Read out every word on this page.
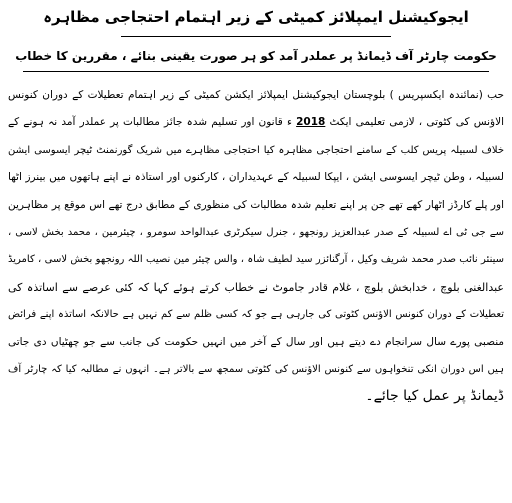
ایجوکیشنل ایمپلائز کمیٹی کے زیر اہتمام احتجاجی مظاہرہ
حکومت چارٹر آف ڈیمانڈ پر عملدر آمد کو ہر صورت یقینی بنائے ، مقررین کا خطاب
حب (نمائندہ ایکسپریس ) بلوچستان ایجوکیشنل ایمپلائز ایکشن کمیٹی کے زیر اہتمام تعطیلات کے دوران کنونس
الاؤنس کی کٹوتی ، لازمی تعلیمی ایکٹ 2018 ء قانون اور تسلیم شدہ جائز مطالبات پر عملدر آمد نہ ہونے کے
خلاف لسبیلہ پریس کلب کے سامنے احتجاجی مظاہرہ کیا احتجاجی مظاہرے میں شریک گورنمنٹ ٹیچر ایسوسی ایشن
لسبیلہ ، وطن ٹیچر ایسوسی ایشن ، ایپکا لسبیلہ کے عہدیداران ، کارکنوں اور استاذہ نے اپنے ہاتھوں میں بینرز اٹھا
اور پلے کارڈز اٹھار کھے تھے جن پر اپنے تعلیم شدہ مطالبات کی منظوری کے مطابق درج تھے اس موقع پر مظاہرین
سے جی ٹی اے لسبیلہ کے صدر عبدالعزیز رونجھو ، جنرل سیکرٹری عبدالواحد سومرو ، چیئرمین ، محمد بخش لاسی ،
سینئر نائب صدر محمد شریف وکیل ، آرگنائزر سید لطیف شاہ ، والس چیئر مین نصیب اللہ رونجھو بخش لاسی ، کامریڈ
عبدالغنی بلوچ ، خدابخش بلوچ ، غلام قادر جاموٹ نے خطاب کرتے ہوئے کہا کہ کئی عرصے سے اساتذہ کی
تعطیلات کے دوران کنونس الاؤنس کٹوتی کی جارہی ہے جو کہ کسی ظلم سے کم نہیں ہے حالانکہ اساتذہ اپنے فرائض
منصبی پورے سال سرانجام دے دیتے ہیں اور سال کے آخر میں انہیں حکومت کی جانب سے جو چھٹیاں دی جاتی
ہیں اس دوران انکی تنخواہوں سے کنونس الاؤنس کی کٹوتی سمجھ سے بالاتر ہے۔ انہوں نے مطالبہ کیا کہ چارٹر آف
ڈیمانڈ پر عمل کیا جائے۔
